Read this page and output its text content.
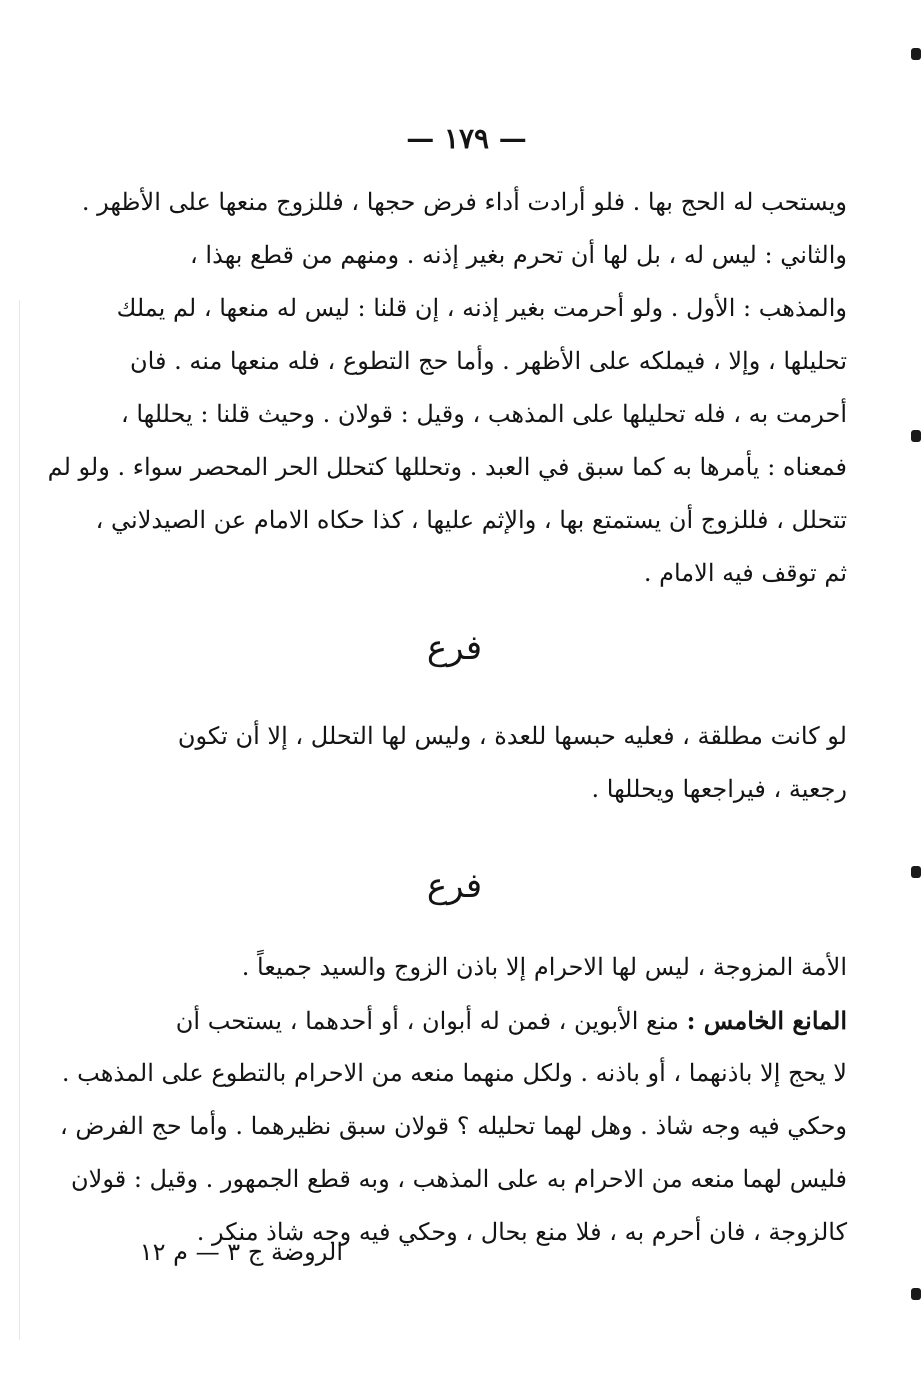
— ١٧٩ —
ويستحب له الحج بها . فلو أرادت أداء فرض حجها ، فللزوج منعها على الأظهر .
والثاني : ليس له ، بل لها أن تحرم بغير إذنه . ومنهم من قطع بهذا ،
والمذهب : الأول . ولو أحرمت بغير إذنه ، إن قلنا : ليس له منعها ، لم يملك
تحليلها ، وإلا ، فيملكه على الأظهر . وأما حج التطوع ، فله منعها منه . فان
أحرمت به ، فله تحليلها على المذهب ، وقيل : قولان . وحيث قلنا : يحللها ،
فمعناه : يأمرها به كما سبق في العبد . وتحللها كتحلل الحر المحصر سواء . ولو لم
تتحلل ، فللزوج أن يستمتع بها ، والإثم عليها ، كذا حكاه الامام عن الصيدلاني ،
ثم توقف فيه الامام .
فرع
لو كانت مطلقة ، فعليه حبسها للعدة ، وليس لها التحلل ، إلا أن تكون
رجعية ، فيراجعها ويحللها .
فرع
الأمة المزوجة ، ليس لها الاحرام إلا باذن الزوج والسيد جميعاً .
المانع الخامس : منع الأبوين ، فمن له أبوان ، أو أحدهما ، يستحب أن
لا يحج إلا باذنهما ، أو باذنه . ولكل منهما منعه من الاحرام بالتطوع على المذهب .
وحكي فيه وجه شاذ . وهل لهما تحليله ؟ قولان سبق نظيرهما . وأما حج الفرض ،
فليس لهما منعه من الاحرام به على المذهب ، وبه قطع الجمهور . وقيل : قولان
كالزوجة ، فان أحرم به ، فلا منع بحال ، وحكي فيه وجه شاذ منكر .
الروضة ج ٣ — م ١٢
